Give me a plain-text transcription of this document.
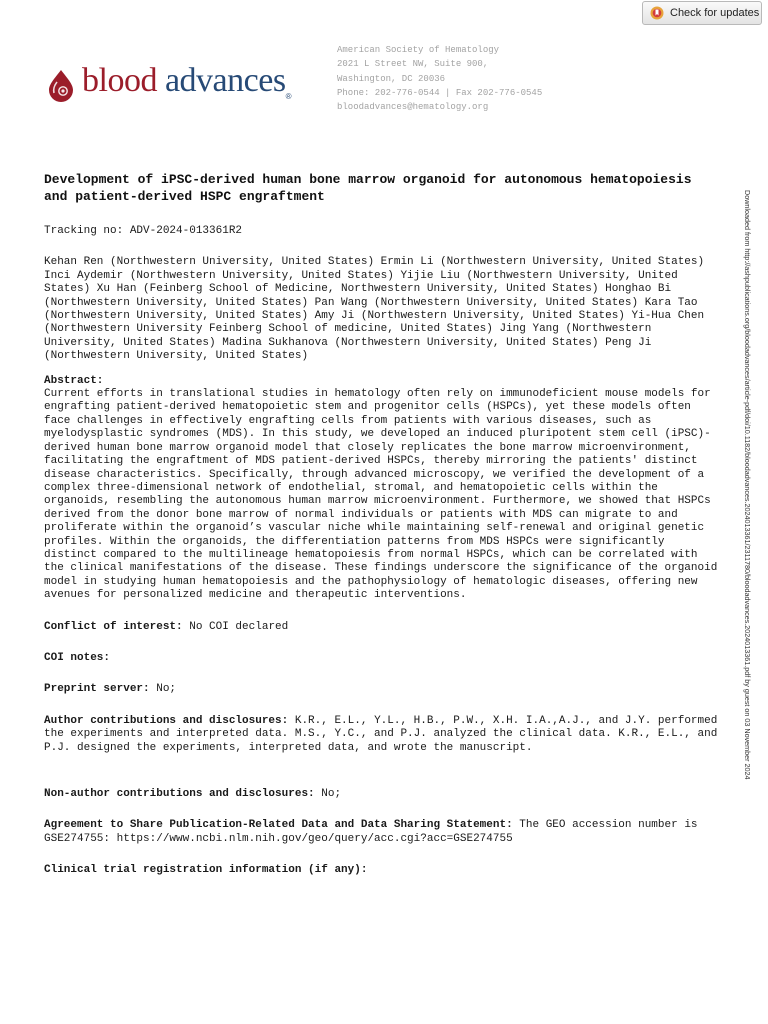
Check for updates
blood advances$_®$
American Society of Hematology
2021 L Street NW, Suite 900,
Washington, DC 20036
Phone: 202-776-0544 | Fax 202-776-0545
bloodadvances@hematology.org
Development of iPSC-derived human bone marrow organoid for autonomous hematopoiesis and patient-derived HSPC engraftment

Tracking no: ADV-2024-013361R2

Kehan Ren (Northwestern University, United States) Ermin Li (Northwestern University, United States) Inci Aydemir (Northwestern University, United States) Yijie Liu (Northwestern University, United States) Xu Han (Feinberg School of Medicine, Northwestern University, United States) Honghao Bi (Northwestern University, United States) Pan Wang (Northwestern University, United States) Kara Tao (Northwestern University, United States) Amy Ji (Northwestern University, United States) Yi-Hua Chen (Northwestern University Feinberg School of medicine, United States) Jing Yang (Northwestern University, United States) Madina Sukhanova (Northwestern University, United States) Peng Ji (Northwestern University, United States)

Abstract:

Current efforts in translational studies in hematology often rely on immunodeficient mouse models for engrafting patient-derived hematopoietic stem and progenitor cells (HSPCs), yet these models often face challenges in effectively engrafting cells from patients with various diseases, such as myelodysplastic syndromes (MDS). In this study, we developed an induced pluripotent stem cell (iPSC)-derived human bone marrow organoid model that closely replicates the bone marrow microenvironment, facilitating the engraftment of MDS patient-derived HSPCs, thereby mirroring the patients' distinct disease characteristics. Specifically, through advanced microscopy, we verified the development of a complex three-dimensional network of endothelial, stromal, and hematopoietic cells within the organoids, resembling the autonomous human marrow microenvironment. Furthermore, we showed that HSPCs derived from the donor bone marrow of normal individuals or patients with MDS can migrate to and proliferate within the organoid’s vascular niche while maintaining self-renewal and original genetic profiles. Within the organoids, the differentiation patterns from MDS HSPCs were significantly distinct compared to the multilineage hematopoiesis from normal HSPCs, which can be correlated with the clinical manifestations of the disease. These findings underscore the significance of the organoid model in studying human hematopoiesis and the pathophysiology of hematologic diseases, offering new avenues for personalized medicine and therapeutic interventions.

Conflict of interest: No COI declared

COI notes:

Preprint server: No;

Author contributions and disclosures: K.R., E.L., Y.L., H.B., P.W., X.H. I.A.,A.J., and J.Y. performed the experiments and interpreted data. M.S., Y.C., and P.J. analyzed the clinical data. K.R., E.L., and P.J. designed the experiments, interpreted data, and wrote the manuscript.

Non-author contributions and disclosures: No;

Agreement to Share Publication-Related Data and Data Sharing Statement: The GEO accession number is GSE274755: https://www.ncbi.nlm.nih.gov/geo/query/acc.cgi?acc=GSE274755

Clinical trial registration information (if any):

Downloaded from http://ashpublications.org/bloodadvances/article-pdf/doi/10.1182/bloodadvances.2024013361/2311780/bloodadvances.2024013361.pdf by guest on 03 November 2024
